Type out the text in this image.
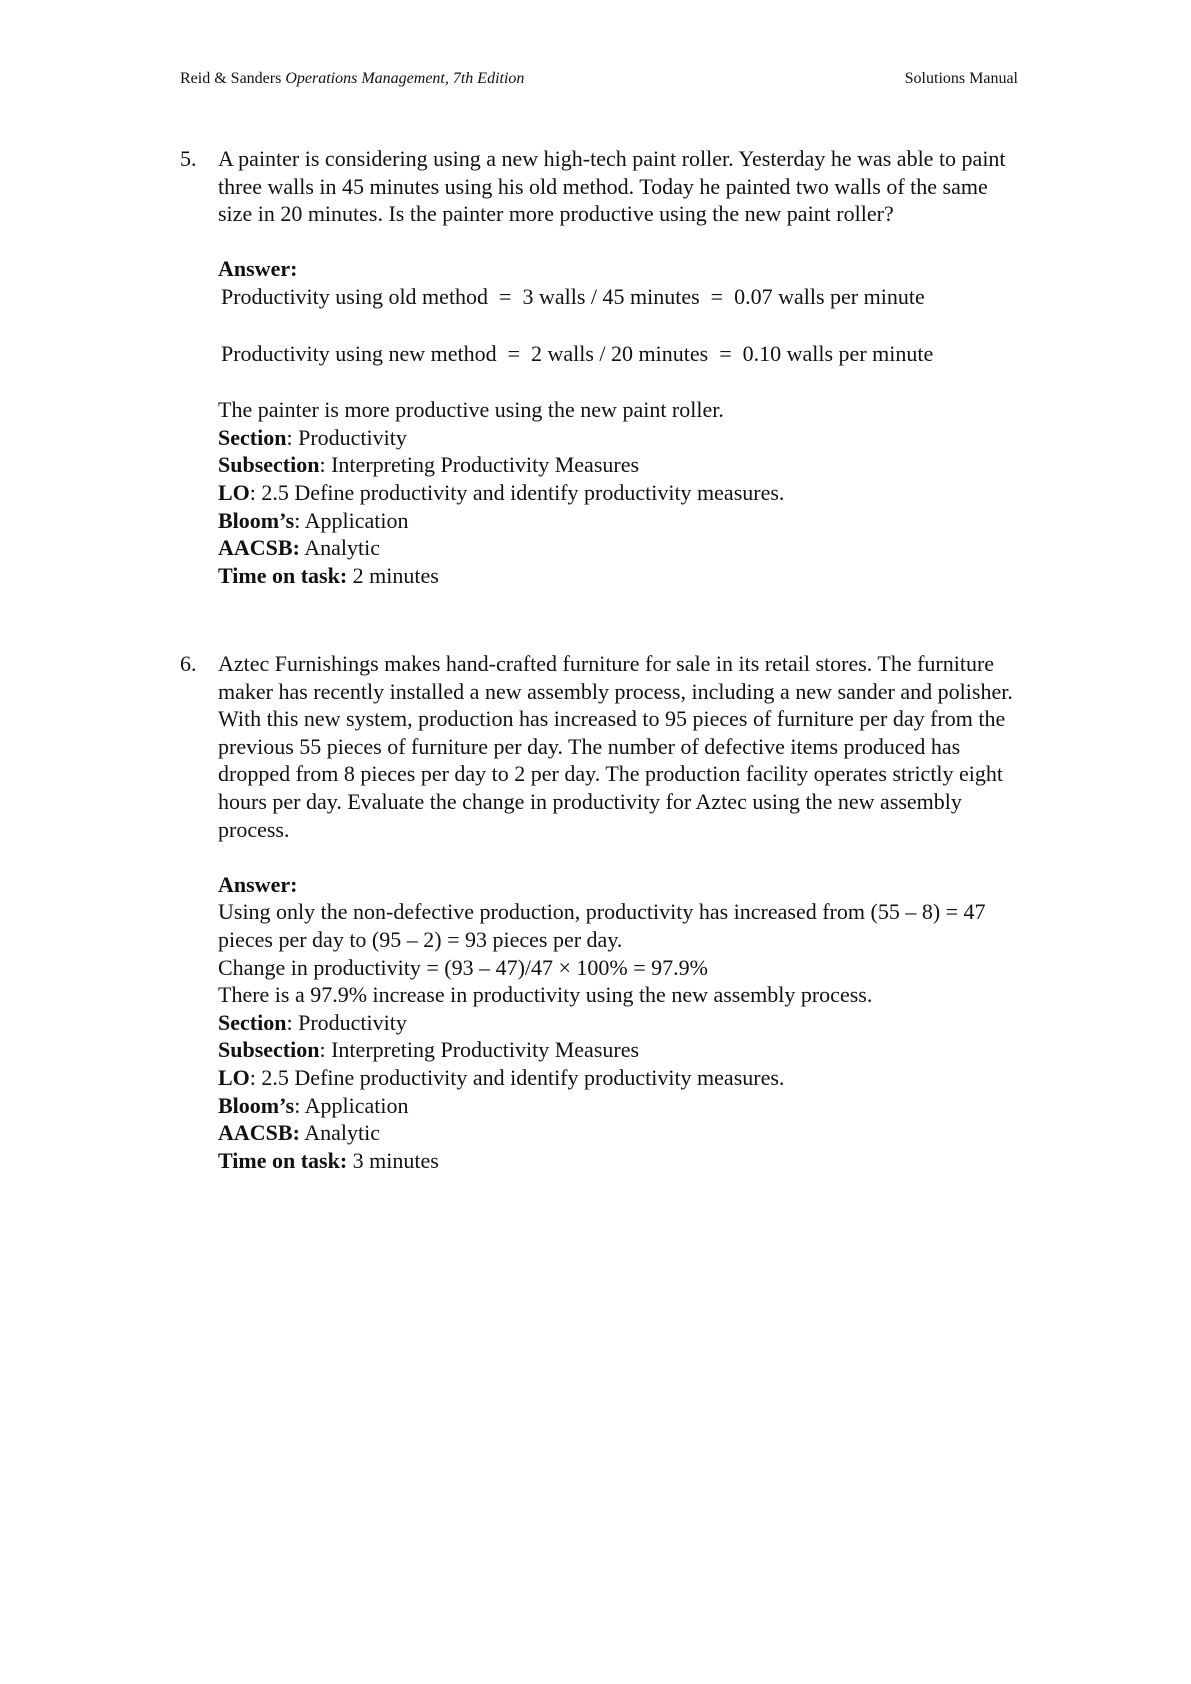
Reid & Sanders Operations Management, 7th Edition	Solutions Manual
5. A painter is considering using a new high-tech paint roller. Yesterday he was able to paint three walls in 45 minutes using his old method. Today he painted two walls of the same size in 20 minutes. Is the painter more productive using the new paint roller?

Answer:

Productivity using old method  =  3 walls / 45 minutes  =  0.07 walls per minute

Productivity using new method  =  2 walls / 20 minutes  =  0.10 walls per minute

The painter is more productive using the new paint roller.

Section: Productivity

Subsection: Interpreting Productivity Measures

LO: 2.5 Define productivity and identify productivity measures.

Bloom’s: Application

AACSB: Analytic

Time on task: 2 minutes

6. Aztec Furnishings makes hand-crafted furniture for sale in its retail stores. The furniture maker has recently installed a new assembly process, including a new sander and polisher. With this new system, production has increased to 95 pieces of furniture per day from the previous 55 pieces of furniture per day. The number of defective items produced has dropped from 8 pieces per day to 2 per day. The production facility operates strictly eight hours per day. Evaluate the change in productivity for Aztec using the new assembly process.

Answer:

Using only the non-defective production, productivity has increased from (55 – 8) = 47 pieces per day to (95 – 2) = 93 pieces per day.

Change in productivity = (93 – 47)/47 × 100% = 97.9%

There is a 97.9% increase in productivity using the new assembly process.

Section: Productivity

Subsection: Interpreting Productivity Measures

LO: 2.5 Define productivity and identify productivity measures.

Bloom’s: Application

AACSB: Analytic

Time on task: 3 minutes
